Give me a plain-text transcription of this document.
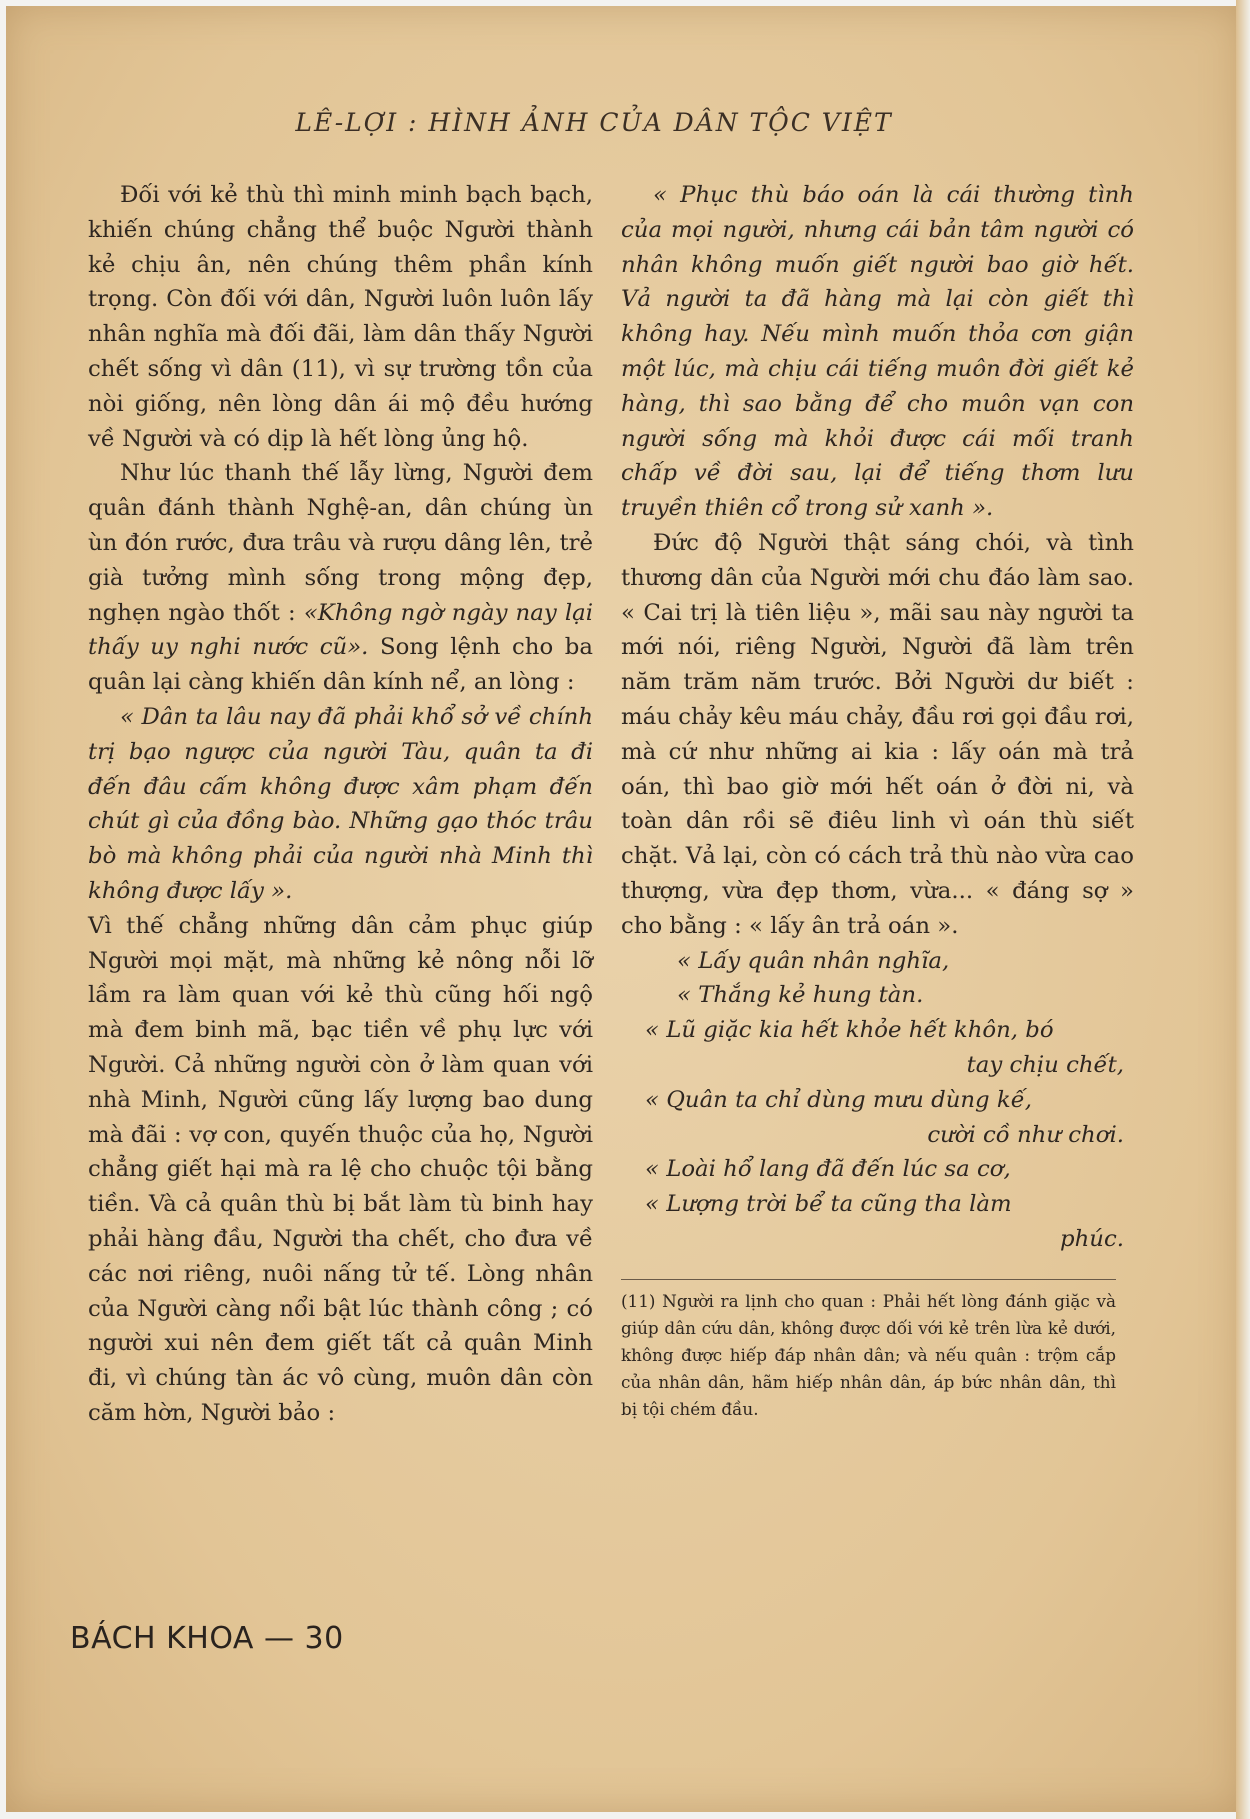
LÊ-LỢI : HÌNH ẢNH CỦA DÂN TỘC VIỆT

Đối với kẻ thù thì minh minh bạch bạch, khiến chúng chẳng thể buộc Người thành kẻ chịu ân, nên chúng thêm phần kính trọng. Còn đối với dân, Người luôn luôn lấy nhân nghĩa mà đối đãi, làm dân thấy Người chết sống vì dân (11), vì sự trường tồn của nòi giống, nên lòng dân ái mộ đều hướng về Người và có dịp là hết lòng ủng hộ.

Như lúc thanh thế lẫy lừng, Người đem quân đánh thành Nghệ-an, dân chúng ùn ùn đón rước, đưa trâu và rượu dâng lên, trẻ già tưởng mình sống trong mộng đẹp, nghẹn ngào thốt : «Không ngờ ngày nay lại thấy uy nghi nước cũ». Song lệnh cho ba quân lại càng khiến dân kính nể, an lòng :

« Dân ta lâu nay đã phải khổ sở về chính trị bạo ngược của người Tàu, quân ta đi đến đâu cấm không được xâm phạm đến chút gì của đồng bào. Những gạo thóc trâu bò mà không phải của người nhà Minh thì không được lấy ».

Vì thế chẳng những dân cảm phục giúp Người mọi mặt, mà những kẻ nông nỗi lỡ lầm ra làm quan với kẻ thù cũng hối ngộ mà đem binh mã, bạc tiền về phụ lực với Người. Cả những người còn ở làm quan với nhà Minh, Người cũng lấy lượng bao dung mà đãi : vợ con, quyến thuộc của họ, Người chẳng giết hại mà ra lệ cho chuộc tội bằng tiền. Và cả quân thù bị bắt làm tù binh hay phải hàng đầu, Người tha chết, cho đưa về các nơi riêng, nuôi nấng tử tế. Lòng nhân của Người càng nổi bật lúc thành công ; có người xui nên đem giết tất cả quân Minh đi, vì chúng tàn ác vô cùng, muôn dân còn căm hờn, Người bảo :

« Phục thù báo oán là cái thường tình của mọi người, nhưng cái bản tâm người có nhân không muốn giết người bao giờ hết. Vả người ta đã hàng mà lại còn giết thì không hay. Nếu mình muốn thỏa cơn giận một lúc, mà chịu cái tiếng muôn đời giết kẻ hàng, thì sao bằng để cho muôn vạn con người sống mà khỏi được cái mối tranh chấp về đời sau, lại để tiếng thơm lưu truyền thiên cổ trong sử xanh ».

Đức độ Người thật sáng chói, và tình thương dân của Người mới chu đáo làm sao. « Cai trị là tiên liệu », mãi sau này người ta mới nói, riêng Người, Người đã làm trên năm trăm năm trước. Bởi Người dư biết : máu chảy kêu máu chảy, đầu rơi gọi đầu rơi, mà cứ như những ai kia : lấy oán mà trả oán, thì bao giờ mới hết oán ở đời ni, và toàn dân rồi sẽ điêu linh vì oán thù siết chặt. Vả lại, còn có cách trả thù nào vừa cao thượng, vừa đẹp thơm, vừa... « đáng sợ » cho bằng : « lấy ân trả oán ».

« Lấy quân nhân nghĩa,
« Thắng kẻ hung tàn.
« Lũ giặc kia hết khỏe hết khôn, bó
tay chịu chết,
« Quân ta chỉ dùng mưu dùng kế,
cười cồ như chơi.
« Loài hổ lang đã đến lúc sa cơ,
« Lượng trời bể ta cũng tha làm
phúc.
(11) Người ra lịnh cho quan : Phải hết lòng đánh giặc và giúp dân cứu dân, không được dối với kẻ trên lừa kẻ dưới, không được hiếp đáp nhân dân; và nếu quân : trộm cắp của nhân dân, hãm hiếp nhân dân, áp bức nhân dân, thì bị tội chém đầu.
BÁCH KHOA — 30
